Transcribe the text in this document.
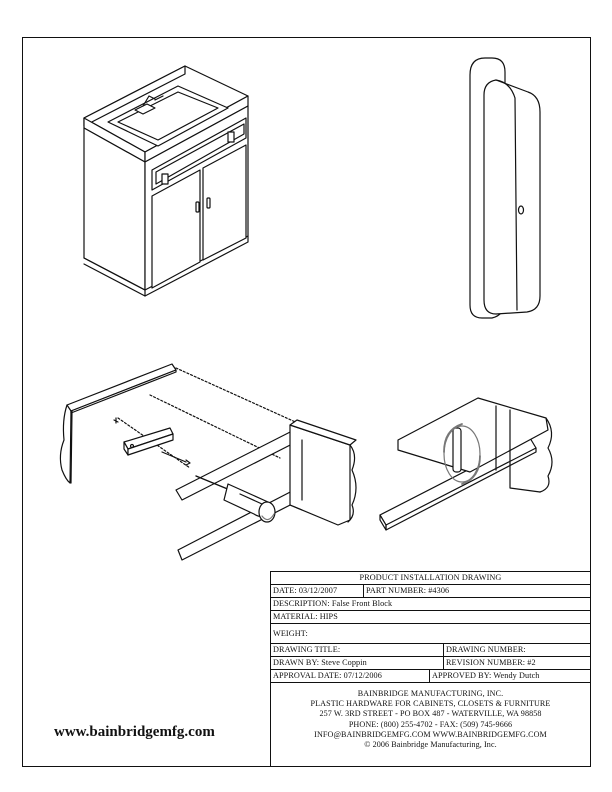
PRODUCT INSTALLATION DRAWING
DATE: 03/12/2007	PART NUMBER: #4306
DESCRIPTION: False Front Block
MATERIAL: HIPS
WEIGHT:
DRAWING TITLE:	DRAWING NUMBER:
DRAWN BY: Steve Coppin	REVISION NUMBER: #2
APPROVAL DATE: 07/12/2006	APPROVED BY: Wendy Dutch
BAINBRIDGE MANUFACTURING, INC.
PLASTIC HARDWARE FOR CABINETS, CLOSETS & FURNITURE
257 W. 3RD STREET - PO BOX 487 - WATERVILLE, WA 98858
PHONE: (800) 255-4702 - FAX: (509) 745-9666
INFO@BAINBRIDGEMFG.COM WWW.BAINBRIDGEMFG.COM
© 2006 Bainbridge Manufacturing, Inc.
www.bainbridgemfg.com
